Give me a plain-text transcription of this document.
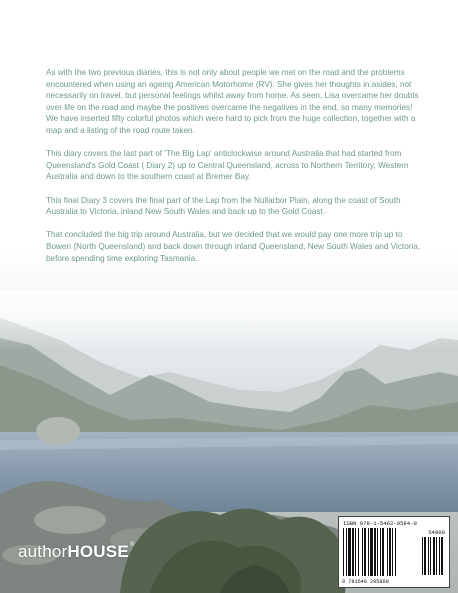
As with the two previous diaries, this is not only about people we met on the road and the problems encountered when using an ageing American Motorhome (RV). She gives her thoughts in asides, not necessarily on travel, but personal feelings whilst away from home. As seen, Lisa overcame her doubts over life on the road and maybe the positives overcame the negatives in the end, so many memories!

We have inserted fifty colorful photos which were hard to pick from the huge collection, together with a map and a listing of the road route taken.

This diary covers the last part of 'The Big Lap' anticlockwise around Australia that had started from Queensland's Gold Coast ( Diary 2) up to Central Queensland, across to Northern Territory, Western Australia and down to the southern coast at Bremer Bay.

This final Diary 3 covers the final part of the Lap from the Nullarbor Plain, along the coast of South Australia to Victoria, inland New South Wales and back up to the Gold Coast.

That concluded the big trip around Australia, but we decided that we would pay one more trip up to Bowen (North Queensland) and back down through inland Queensland, New South Wales and Victoria, before spending time exploring Tasmania.

authorHOUSE®
ISBN 978-1-5462-9584-0
54900
9 781546 295860
